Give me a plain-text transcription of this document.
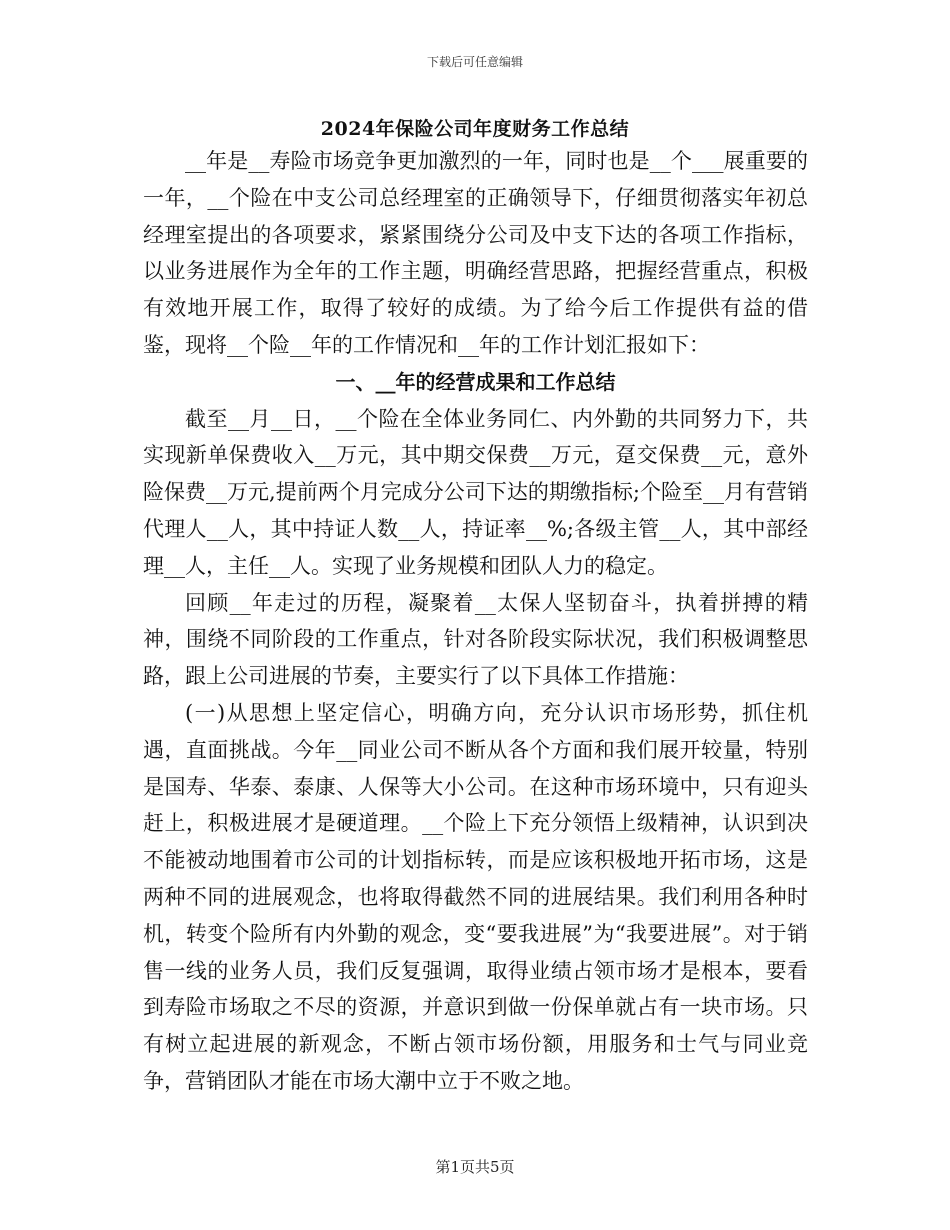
下载后可任意编辑
2024年保险公司年度财务工作总结

__年是__寿险市场竞争更加激烈的一年，同时也是__个___展重要的一年，__个险在中支公司总经理室的正确领导下，仔细贯彻落实年初总经理室提出的各项要求，紧紧围绕分公司及中支下达的各项工作指标，以业务进展作为全年的工作主题，明确经营思路，把握经营重点，积极有效地开展工作，取得了较好的成绩。为了给今后工作提供有益的借鉴，现将__个险__年的工作情况和__年的工作计划汇报如下：

一、__年的经营成果和工作总结

截至__月__日，__个险在全体业务同仁、内外勤的共同努力下，共实现新单保费收入__万元，其中期交保费__万元，趸交保费__元，意外险保费__万元,提前两个月完成分公司下达的期缴指标;个险至__月有营销代理人__人，其中持证人数__人，持证率__%;各级主管__人，其中部经理__人，主任__人。实现了业务规模和团队人力的稳定。

回顾__年走过的历程，凝聚着__太保人坚韧奋斗，执着拼搏的精神，围绕不同阶段的工作重点，针对各阶段实际状况，我们积极调整思路，跟上公司进展的节奏，主要实行了以下具体工作措施：

(一)从思想上坚定信心，明确方向，充分认识市场形势，抓住机遇，直面挑战。今年__同业公司不断从各个方面和我们展开较量，特别是国寿、华泰、泰康、人保等大小公司。在这种市场环境中，只有迎头赶上，积极进展才是硬道理。__个险上下充分领悟上级精神，认识到决不能被动地围着市公司的计划指标转，而是应该积极地开拓市场，这是两种不同的进展观念，也将取得截然不同的进展结果。我们利用各种时机，转变个险所有内外勤的观念，变“要我进展”为“我要进展”。对于销售一线的业务人员，我们反复强调，取得业绩占领市场才是根本，要看到寿险市场取之不尽的资源，并意识到做一份保单就占有一块市场。只有树立起进展的新观念，不断占领市场份额，用服务和士气与同业竞争，营销团队才能在市场大潮中立于不败之地。

第1页共5页
